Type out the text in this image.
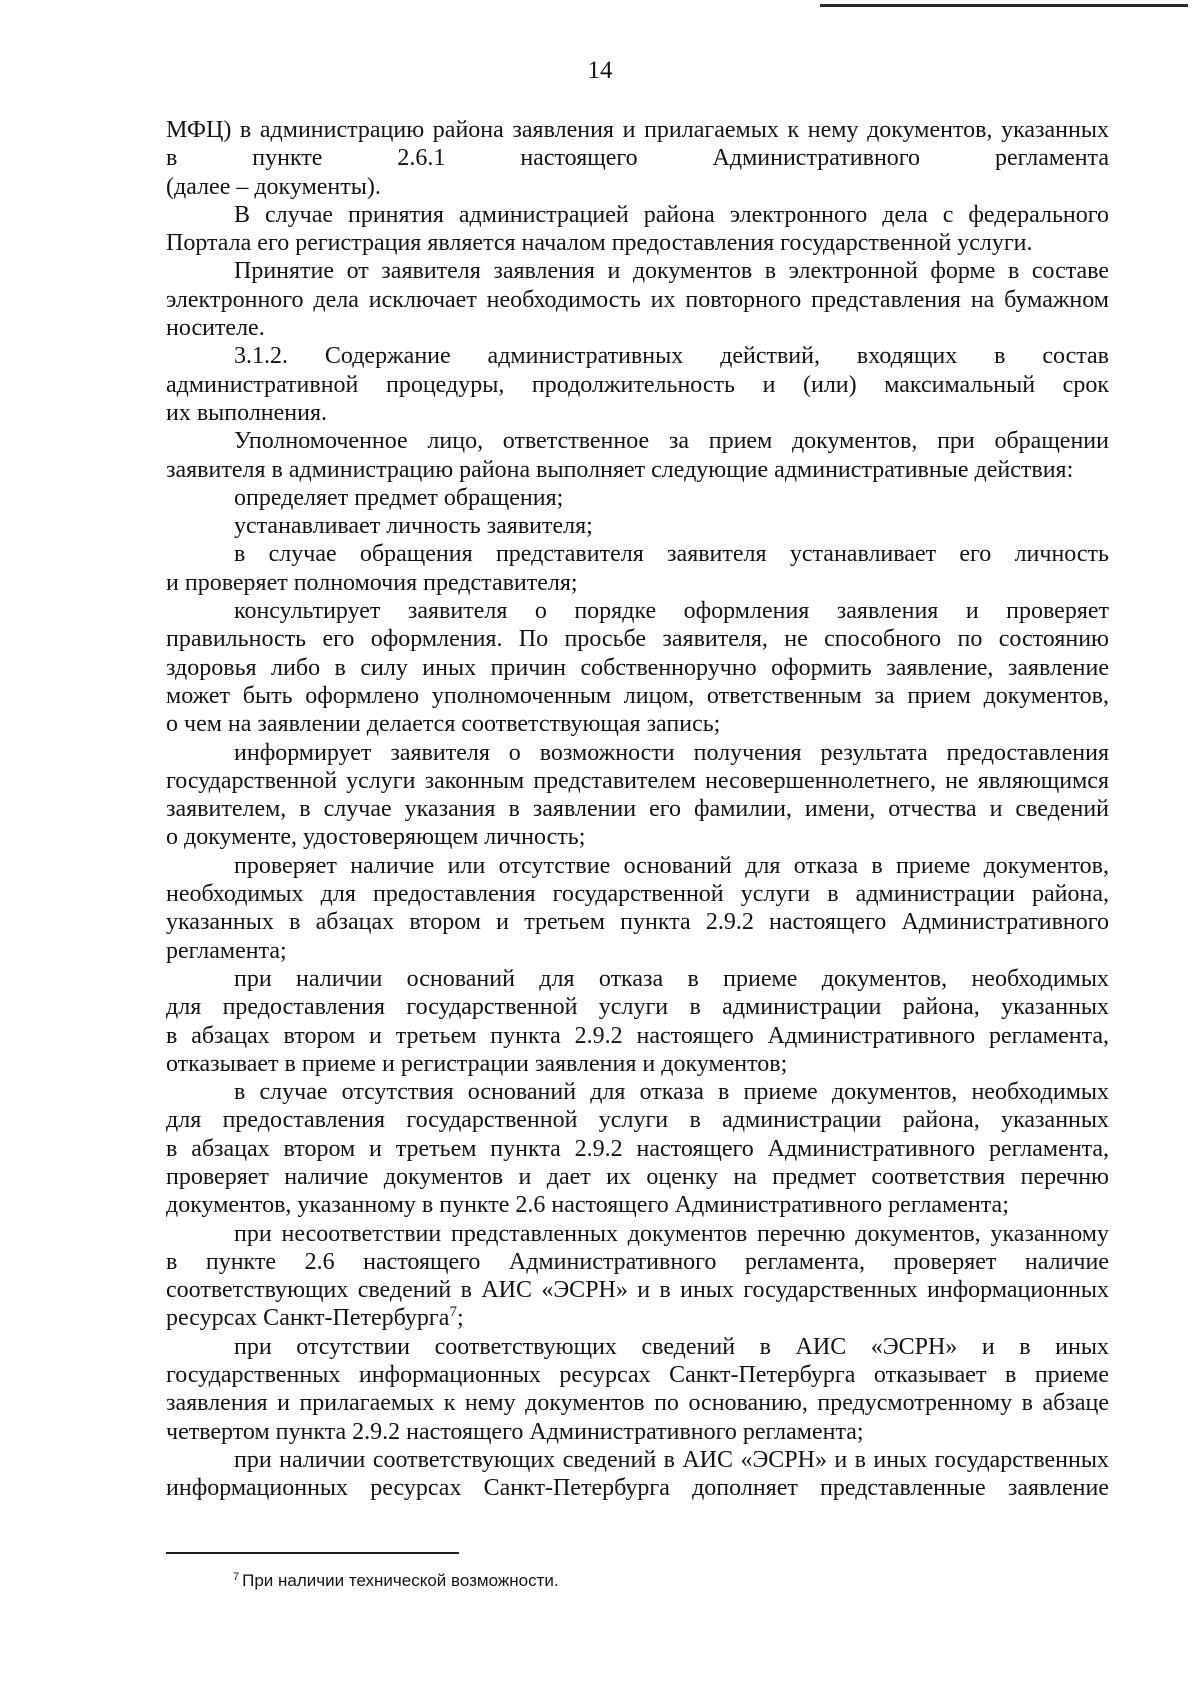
14

МФЦ) в администрацию района заявления и прилагаемых к нему документов, указанных
в пункте 2.6.1 настоящего Административного регламента
(далее – документы).

В случае принятия администрацией района электронного дела с федерального
Портала его регистрация является началом предоставления государственной услуги.

Принятие от заявителя заявления и документов в электронной форме в составе
электронного дела исключает необходимость их повторного представления на бумажном
носителе.

3.1.2. Содержание административных действий, входящих в состав
административной процедуры, продолжительность и (или) максимальный срок
их выполнения.

Уполномоченное лицо, ответственное за прием документов, при обращении
заявителя в администрацию района выполняет следующие административные действия:

определяет предмет обращения;

устанавливает личность заявителя;

в случае обращения представителя заявителя устанавливает его личность
и проверяет полномочия представителя;

консультирует заявителя о порядке оформления заявления и проверяет
правильность его оформления. По просьбе заявителя, не способного по состоянию
здоровья либо в силу иных причин собственноручно оформить заявление, заявление
может быть оформлено уполномоченным лицом, ответственным за прием документов,
о чем на заявлении делается соответствующая запись;

информирует заявителя о возможности получения результата предоставления
государственной услуги законным представителем несовершеннолетнего, не являющимся
заявителем, в случае указания в заявлении его фамилии, имени, отчества и сведений
о документе, удостоверяющем личность;

проверяет наличие или отсутствие оснований для отказа в приеме документов,
необходимых для предоставления государственной услуги в администрации района,
указанных в абзацах втором и третьем пункта 2.9.2 настоящего Административного
регламента;

при наличии оснований для отказа в приеме документов, необходимых
для предоставления государственной услуги в администрации района, указанных
в абзацах втором и третьем пункта 2.9.2 настоящего Административного регламента,
отказывает в приеме и регистрации заявления и документов;

в случае отсутствия оснований для отказа в приеме документов, необходимых
для предоставления государственной услуги в администрации района, указанных
в абзацах втором и третьем пункта 2.9.2 настоящего Административного регламента,
проверяет наличие документов и дает их оценку на предмет соответствия перечню
документов, указанному в пункте 2.6 настоящего Административного регламента;

при несоответствии представленных документов перечню документов, указанному
в пункте 2.6 настоящего Административного регламента, проверяет наличие
соответствующих сведений в АИС «ЭСРН» и в иных государственных информационных
ресурсах Санкт-Петербурга$^7$;

при отсутствии соответствующих сведений в АИС «ЭСРН» и в иных
государственных информационных ресурсах Санкт-Петербурга отказывает в приеме
заявления и прилагаемых к нему документов по основанию, предусмотренному в абзаце
четвертом пункта 2.9.2 настоящего Административного регламента;

при наличии соответствующих сведений в АИС «ЭСРН» и в иных государственных
информационных ресурсах Санкт-Петербурга дополняет представленные заявление

$^7$ При наличии технической возможности.
